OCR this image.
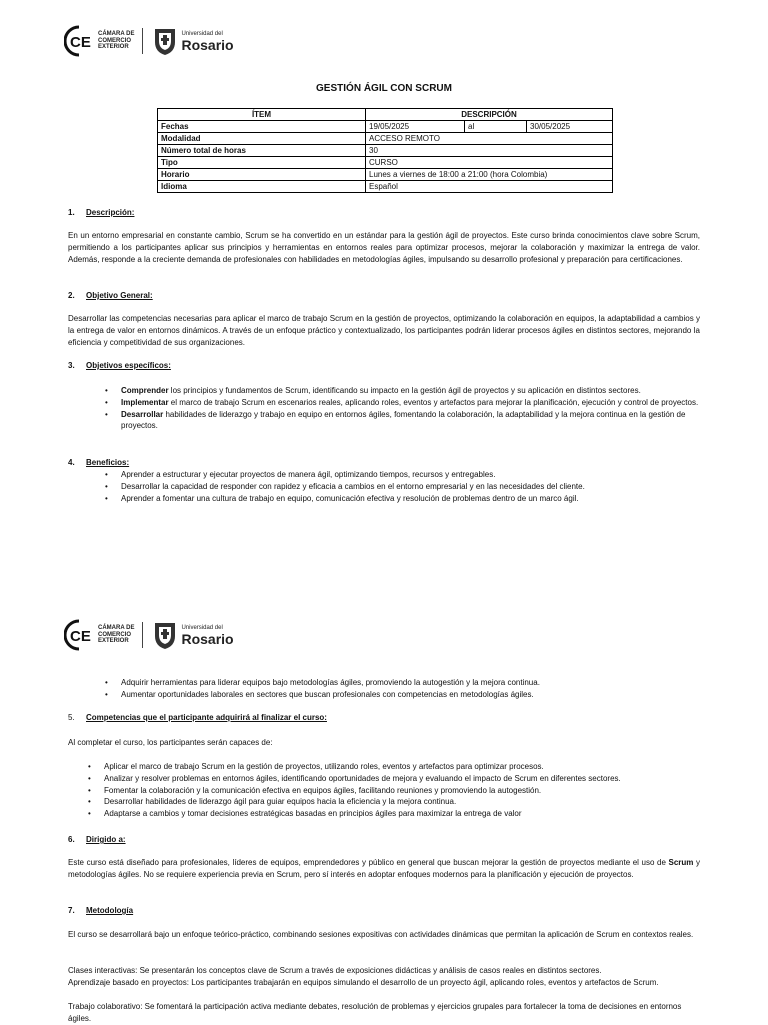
CE CÁMARA DE
COMERCIO
EXTERIOR
Universidad del
Rosario
GESTIÓN ÁGIL CON SCRUM
ÍTEM	DESCRIPCIÓN		
Fechas	19/05/2025	al	30/05/2025
Modalidad	ACCESO REMOTO		
Número total de horas	30		
Tipo	CURSO		
Horario	Lunes a viernes de 18:00 a 21:00 (hora Colombia)		
Idioma	Español		
1. Descripción:
En un entorno empresarial en constante cambio, Scrum se ha convertido en un estándar para la gestión ágil de proyectos. Este curso brinda conocimientos clave sobre Scrum, permitiendo a los participantes aplicar sus principios y herramientas en entornos reales para optimizar procesos, mejorar la colaboración y maximizar la entrega de valor. Además, responde a la creciente demanda de profesionales con habilidades en metodologías ágiles, impulsando su desarrollo profesional y preparación para certificaciones.
2. Objetivo General:
Desarrollar las competencias necesarias para aplicar el marco de trabajo Scrum en la gestión de proyectos, optimizando la colaboración en equipos, la adaptabilidad a cambios y la entrega de valor en entornos dinámicos. A través de un enfoque práctico y contextualizado, los participantes podrán liderar procesos ágiles en distintos sectores, mejorando la eficiencia y competitividad de sus organizaciones.
3. Objetivos específicos:
• Comprender los principios y fundamentos de Scrum, identificando su impacto en la gestión ágil de proyectos y su aplicación en distintos sectores.
• Implementar el marco de trabajo Scrum en escenarios reales, aplicando roles, eventos y artefactos para mejorar la planificación, ejecución y control de proyectos.
• Desarrollar habilidades de liderazgo y trabajo en equipo en entornos ágiles, fomentando la colaboración, la adaptabilidad y la mejora continua en la gestión de proyectos.
4. Beneficios:
• Aprender a estructurar y ejecutar proyectos de manera ágil, optimizando tiempos, recursos y entregables.
• Desarrollar la capacidad de responder con rapidez y eficacia a cambios en el entorno empresarial y en las necesidades del cliente.
• Aprender a fomentar una cultura de trabajo en equipo, comunicación efectiva y resolución de problemas dentro de un marco ágil.
CE CÁMARA DE
COMERCIO
EXTERIOR
Universidad del
Rosario
• Adquirir herramientas para liderar equipos bajo metodologías ágiles, promoviendo la autogestión y la mejora continua.
• Aumentar oportunidades laborales en sectores que buscan profesionales con competencias en metodologías ágiles.
5. Competencias que el participante adquirirá al finalizar el curso:
Al completar el curso, los participantes serán capaces de:
• Aplicar el marco de trabajo Scrum en la gestión de proyectos, utilizando roles, eventos y artefactos para optimizar procesos.
• Analizar y resolver problemas en entornos ágiles, identificando oportunidades de mejora y evaluando el impacto de Scrum en diferentes sectores.
• Fomentar la colaboración y la comunicación efectiva en equipos ágiles, facilitando reuniones y promoviendo la autogestión.
• Desarrollar habilidades de liderazgo ágil para guiar equipos hacia la eficiencia y la mejora continua.
• Adaptarse a cambios y tomar decisiones estratégicas basadas en principios ágiles para maximizar la entrega de valor
6. Dirigido a:
Este curso está diseñado para profesionales, líderes de equipos, emprendedores y público en general que buscan mejorar la gestión de proyectos mediante el uso de Scrum y metodologías ágiles. No se requiere experiencia previa en Scrum, pero sí interés en adoptar enfoques modernos para la planificación y ejecución de proyectos.
7. Metodología
El curso se desarrollará bajo un enfoque teórico-práctico, combinando sesiones expositivas con actividades dinámicas que permitan la aplicación de Scrum en contextos reales.
Clases interactivas: Se presentarán los conceptos clave de Scrum a través de exposiciones didácticas y análisis de casos reales en distintos sectores.
Aprendizaje basado en proyectos: Los participantes trabajarán en equipos simulando el desarrollo de un proyecto ágil, aplicando roles, eventos y artefactos de Scrum.
Trabajo colaborativo: Se fomentará la participación activa mediante debates, resolución de problemas y ejercicios grupales para fortalecer la toma de decisiones en entornos ágiles.
